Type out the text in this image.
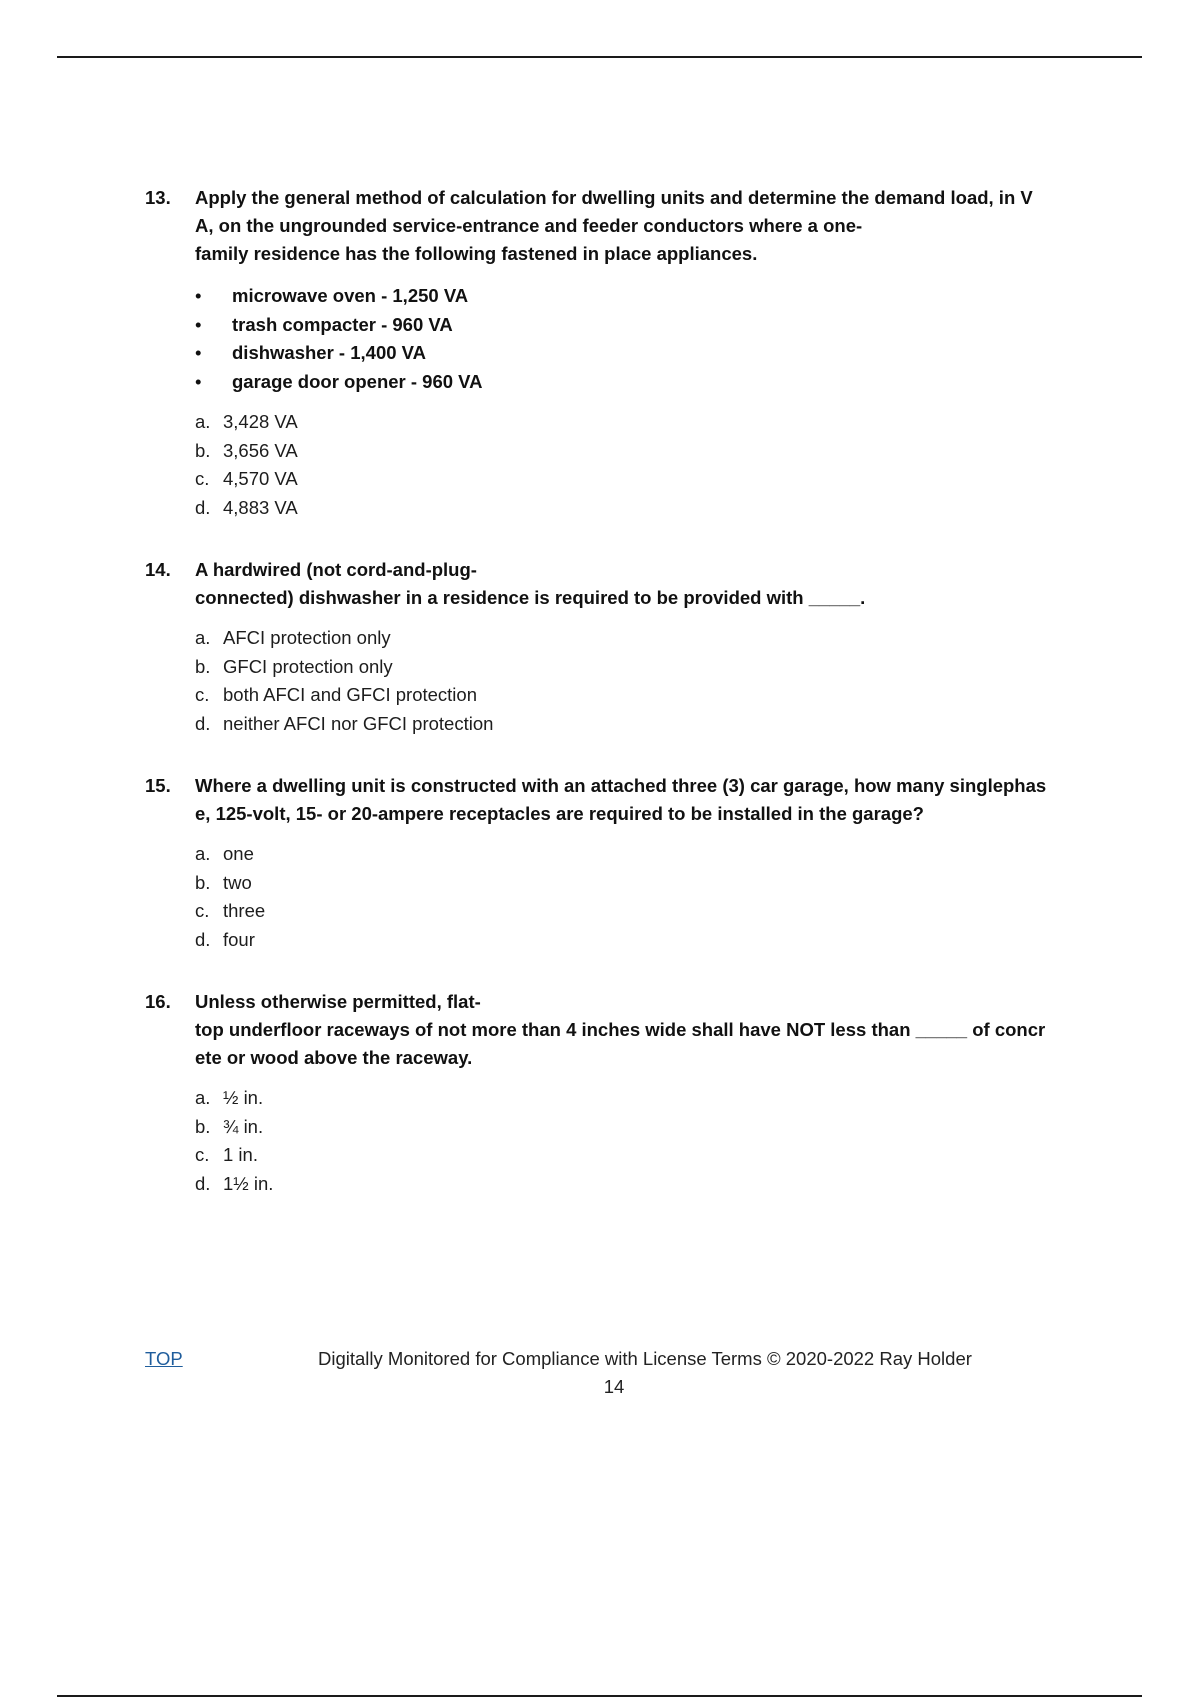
13. Apply the general method of calculation for dwelling units and determine the demand load, in V
A, on the ungrounded service-entrance and feeder conductors where a one-
family residence has the following fastened in place appliances.
• microwave oven - 1,250 VA
• trash compacter - 960 VA
• dishwasher - 1,400 VA
• garage door opener - 960 VA
a. 3,428 VA
b. 3,656 VA
c. 4,570 VA
d. 4,883 VA
14. A hardwired (not cord-and-plug-
connected) dishwasher in a residence is required to be provided with _____.
a. AFCI protection only
b. GFCI protection only
c. both AFCI and GFCI protection
d. neither AFCI nor GFCI protection
15. Where a dwelling unit is constructed with an attached three (3) car garage, how many singlephas
e, 125-volt, 15- or 20-ampere receptacles are required to be installed in the garage?
a. one
b. two
c. three
d. four
16. Unless otherwise permitted, flat-
top underfloor raceways of not more than 4 inches wide shall have NOT less than _____ of concr
ete or wood above the raceway.
a. ½ in.
b. ¾ in.
c. 1 in.
d. 1½ in.
TOP	Digitally Monitored for Compliance with License Terms © 2020-2022 Ray Holder
14
